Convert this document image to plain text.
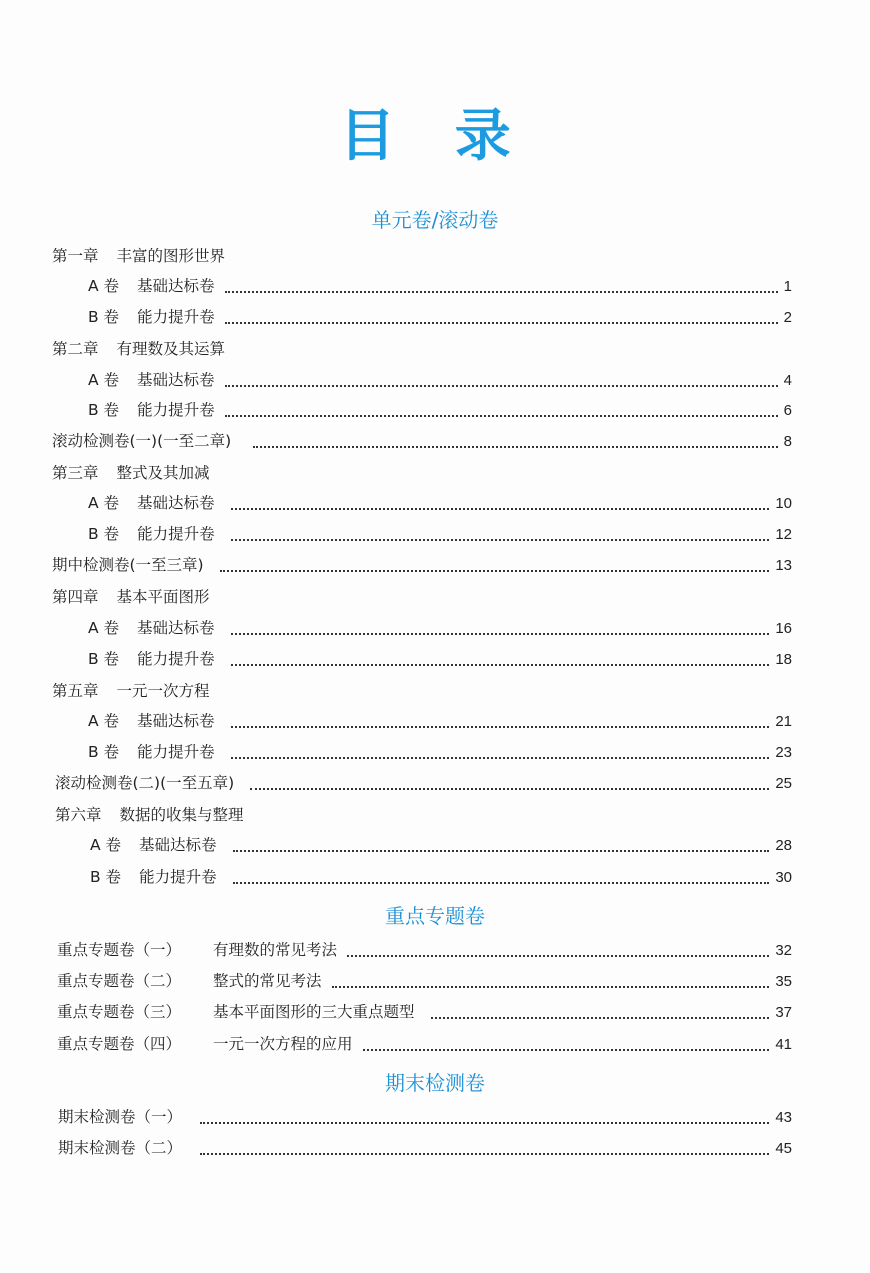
目 录
单元卷/滚动卷
第一章 丰富的图形世界
A 卷 基础达标卷	1
B 卷 能力提升卷	2
第二章 有理数及其运算
A 卷 基础达标卷	4
B 卷 能力提升卷	6
滚动检测卷(一)(一至二章)	8
第三章 整式及其加减
A 卷 基础达标卷	10
B 卷 能力提升卷	12
期中检测卷(一至三章)	13
第四章 基本平面图形
A 卷 基础达标卷	16
B 卷 能力提升卷	18
第五章 一元一次方程
A 卷 基础达标卷	21
B 卷 能力提升卷	23
滚动检测卷(二)(一至五章)	25
第六章 数据的收集与整理
A 卷 基础达标卷	28
B 卷 能力提升卷	30
重点专题卷
重点专题卷（一）	有理数的常见考法	32
重点专题卷（二）	整式的常见考法	35
重点专题卷（三）	基本平面图形的三大重点题型	37
重点专题卷（四）	一元一次方程的应用	41
期末检测卷
期末检测卷（一）	43
期末检测卷（二）	45
